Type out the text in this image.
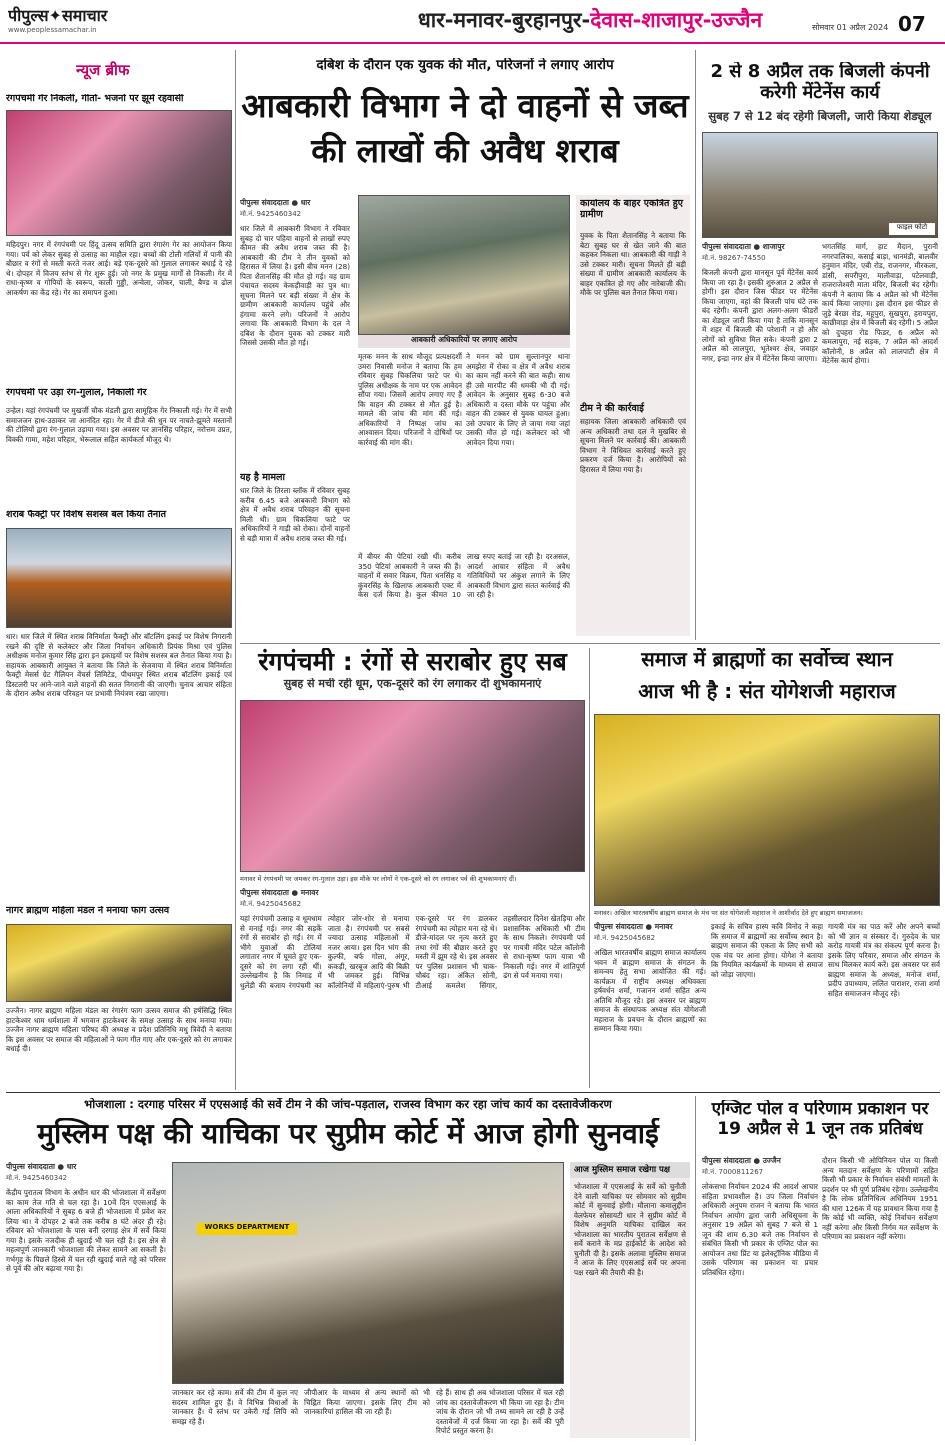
पीपुल्स✦समाचार
www.peoplessamachar.in	धार-मनावर-बुरहानपुर-देवास-शाजापुर-उज्जैन	सोमवार 01 अप्रैल 2024 07
न्यूज ब्रीफ
रंगपंचमी गेर निकली, गीतों- भजनों पर झूमे रहवासी
महिदपुर। नगर में रंगपंचमी पर हिंदू उत्सव समिति द्वारा रंगारंग गेर का आयोजन किया गया। पर्व को लेकर सुबह से उत्साह का माहौल रहा। बच्चों की टोली गलियों में पानी की बौछार व रंगों से मस्ती करते नजर आई। बड़े एक-दूसरे को गुलाल लगाकर बधाई दे रहे थे। दोपहर में विजय स्तंभ से गेर शुरू हुई। जो नगर के प्रमुख मार्गों से निकली। गेर में राधा-कृष्ण व गोपियों के स्वरूप, काली गुड्डी, अन्वेला, जोकर, चाली, बैण्ड व ढोल आकर्षण का केंद्र रहे। गेर का समापन हुआ।
रंगपंचमी पर उड़ा रंग-गुलाल, निकाली गेर
उन्हेल। यहां रंगपंचमी पर मुखर्जी चौक मंडली द्वारा सामूहिक गेर निकाली गई। गेर में सभी समाजजन हाथ-उठाकर जा आनंदित रहा। गेर में डीजे की धुन पर नाचते-झूमते मस्तानों की टोलियों द्वारा रंग-गुलाल उड़ाया गया। इस अवसर पर ज्ञानसिंह परिहार, नरोत्तम उप्रत, विक्की गामा, महेश परिहार, भेरूलाल सहित कार्यकर्ता मौजूद थे।
शराब फैक्ट्री पर विशेष सशस्त्र बल किया तैनात
धार। धार जिले में स्थित शराब विनिर्माता फैक्ट्री और बॉटलिंग इकाई पर विशेष निगरानी रखने की दृष्टि से कलेक्टर और जिला निर्वाचन अधिकारी प्रियंक मिश्रा एवं पुलिस अधीक्षक मनोज कुमार सिंह द्वारा इन इकाइयों पर विशेष सशस्त्र बल तैनात किया गया है। सहायक आबकारी आयुक्त ने बताया कि जिले के सेजवाया में स्थित शराब विनिर्माता फैक्ट्री मेसर्स ग्रेट गैलियन वेंचर्स लिमिटेड, पीथमपुर स्थित शराब बॉटलिंग इकाई एवं डिस्टलरी पर आने-जाने वाले वाहनों की सतत निगरानी की जाएगी। चुनाव आचार संहिता के दौरान अवैध शराब परिवहन पर प्रभावी नियंत्रण रखा जाएगा।
नागर ब्राह्मण महिला मंडल ने मनाया फाग उत्सव
उज्जैन। नागर ब्राह्मण महिला मंडल का रंगारंग फाग उत्सव समाज की हर्षसिद्धि स्थित हाटकेश्वर धाम धर्मशाला में भगवान हाटकेश्वर के समक्ष उत्साह के साथ मनाया गया। उज्जैन नागर ब्राह्मण महिला परिषद की अध्यक्ष व प्रदेश प्रतिनिधि मधु त्रिवेदी ने बताया कि इस अवसर पर समाज की महिलाओं ने फाग गीत गाए और एक-दूसरे को रंग लगाकर बधाई दी।
दबिश के दौरान एक युवक की मौत, परिजनों ने लगाए आरोप
आबकारी विभाग ने दो वाहनों से जब्त की लाखों की अवैध शराब
पीपुल्स संवाददाता ● धार
मो.नं. 9425460342
धार जिले में आबकारी विभाग ने रविवार सुबह दो चार पहिया वाहनों से लाखों रुपए कीमत की अवैध शराब जब्त की है। आबकारी की टीम ने तीन युवकों को हिरासत में लिया है। इसी बीच मनन (28) पिता शैतानसिंह की मौत हो गई। वह ग्राम पंचायत सदस्य केकड़ीवाड़ी का पुत्र था। सूचना मिलने पर बड़ी संख्या में क्षेत्र के ग्रामीण आबकारी कार्यालय पहुंचे और हंगामा करने लगे। परिजनों ने आरोप लगाया कि आबकारी विभाग के दल ने दबिश के दौरान युवक को टक्कर मारी जिससे उसकी मौत हो गई।
यह है मामला
धार जिले के तिरला ब्लॉक में रविवार सुबह करीब 6.45 बजे आबकारी विभाग को क्षेत्र में अवैध शराब परिवहन की सूचना मिली थी। ग्राम चिकलिया फाटे पर अधिकारियों ने गाड़ी को रोका। दोनों वाहनों से बड़ी मात्रा में अवैध शराब जब्त की गई।
आबकारी अधिकारियों पर लगाए आरोप
मृतक मनन के साथ मौजूद प्रत्यक्षदर्शी उमरा निवासी मनोज ने बताया कि हम रविवार सुबह चिकलिया फाटे पर थे। पुलिस अधीक्षक के नाम पर एक आवेदन सौंपा गया। जिसमें आरोप लगाए गए हैं कि वाहन की टक्कर से मौत हुई है। मामले की जांच की मांग की गई। अधिकारियों ने निष्पक्ष जांच का आश्वासन दिया। परिजनों ने दोषियों पर कार्रवाई की मांग की।
ने मनन को ग्राम सुल्तानपुर थाना अमझेरा में रोका व क्षेत्र में अवैध शराब का काम नहीं करने की बात कही। साथ ही उसे मारपीट की धमकी भी दी गई। आवेदन के अनुसार सुबह 6-30 बजे अधिकारी व दस्ता मौके पर पहुंचा और वाहन की टक्कर से युवक घायल हुआ। उसे उपचार के लिए ले जाया गया जहां उसकी मौत हो गई। कलेक्टर को भी आवेदन दिया गया।
में बीयर की पेटियां रखी थीं। करीब 350 पेटियां आबकारी ने जब्त की हैं। वाहनों में सवार विक्रम, पिता धनसिंह व कुंवरसिंह के खिलाफ आबकारी एक्ट में केस दर्ज किया है। कुल कीमत 10 लाख रुपए बताई जा रही है। दरअसल, आदर्श आचार संहिता में अवैध गतिविधियों पर अंकुश लगाने के लिए आबकारी विभाग द्वारा सतत कार्रवाई की जा रही है।
कार्यालय के बाहर एकत्रित हुए ग्रामीण
युवक के पिता शैतानसिंह ने बताया कि बेटा सुबह घर से खेत जाने की बात कहकर निकला था। आबकारी की गाड़ी ने उसे टक्कर मारी। सूचना मिलते ही बड़ी संख्या में ग्रामीण आबकारी कार्यालय के बाहर एकत्रित हो गए और नारेबाजी की। मौके पर पुलिस बल तैनात किया गया।
टीम ने की कार्रवाई
सहायक जिला आबकारी अधिकारी एवं अन्य अधिकारी तथा दल ने मुखबिर से सूचना मिलने पर कार्रवाई की। आबकारी विभाग ने विधिवत कार्रवाई करते हुए प्रकरण दर्ज किया है। आरोपियों को हिरासत में लिया गया है।
2 से 8 अप्रैल तक बिजली कंपनी करेगी मेंटेनेंस कार्य
सुबह 7 से 12 बंद रहेगी बिजली, जारी किया शेड्यूल
फाइल फोटो
पीपुल्स संवाददाता ● शाजापुर
मो.नं. 98267-74550
बिजली कंपनी द्वारा मानसून पूर्व मेंटेनेंस कार्य किया जा रहा है। इसकी शुरुआत 2 अप्रैल से होगी। इस दौरान जिस फीडर पर मेंटेनेंस किया जाएगा, वहां की बिजली पांच घंटे तक बंद रहेगी। कंपनी द्वारा अलग-अलग फीडरों का शेड्यूल जारी किया गया है ताकि मानसून में शहर में बिजली की परेशानी न हो और लोगों को सुविधा मिल सके। कंपनी द्वारा 2 अप्रैल को लालपुरा, भूतेश्वर क्षेत्र, जवाहर नगर, इन्द्रा नगर क्षेत्र में मेंटेनेंस किया जाएगा।
भगतसिंह मार्ग, हाट मैदान, पुरानी नगरपालिका, कसाई बाड़ा, धानमंडी, बालवीर हनुमान मंदिर, एबी रोड, राजनगर, मीरकला, डांसी, सपरीपुरा, मालीवाड़ा, पटेलवाड़ी, राजराजेश्वरी माता मंदिर, बिजली बंद रहेगी। कंपनी ने बताया कि 4 अप्रैल को भी मेंटेनेंस कार्य किया जाएगा। इस दौरान इस फीडर से जुड़े बेरछा रोड, महूपुरा, सुखपुरा, हरायपुरा, काछीवाड़ा क्षेत्र में बिजली बंद रहेगी। 5 अप्रैल को दुपहरा रोड फिडर, 6 अप्रैल को कमलापुरा, नई सड़क, 7 अप्रैल को आदर्श कॉलोनी, 8 अप्रैल को लालपाटी क्षेत्र में मेंटेनेंस कार्य होगा।
रंगपंचमी : रंगों से सराबोर हुए सब
सुबह से मची रही धूम, एक-दूसरे को रंग लगाकर दी शुभकामनाएं
मनावर में रंगपंचमी पर जमकर रंग-गुलाल उड़ा। इस मौके पर लोगों ने एक-दूसरे को रंग लगाकर पर्व की शुभकामनाएं दीं।
पीपुल्स संवाददाता ● मनावर
मो.नं. 9425045682
यहां रंगपंचमी उत्साह व धूमधाम से मनाई गई। नगर की सड़कें रंगों से सराबोर हो गईं। रंग में भीगे युवाओं की टोलियां लगातार नगर में घूमते हुए एक-दूसरे को रंग लगा रही थीं। उल्लेखनीय है कि निमाड़ में धुलेंडी की बजाय रंगपंचमी का त्योहार जोर-शोर से मनाया जाता है। रंगपंचमी पर सबसे ज्यादा उत्साह महिलाओं में नजर आया। इस दिन भांग की कुल्फी, बर्फ गोला, अंगूर, ककड़ी, खरबूज आदि की बिक्री भी जमकर हुई। विभिन्न कॉलोनियों में महिलाएं-पुरुष भी एक-दूसरे पर रंग डालकर रंगपंचमी का त्योहार मना रहे थे। डीजे-मांदल पर नृत्य करते हुए तथा रंगों की बौछार करते हुए मस्ती में झूम रहे थे। इस अवसर पर पुलिस प्रशासन भी चाक-चौबंद रहा। अंकित सोनी, टीआई कमलेश सिंगार, तहसीलदार दिनेश खेतड़िया और प्रशासनिक अधिकारी भी टीम के साथ निकले। रंगपंचमी पर्व पर गायत्री मंदिर पटेल कॉलोनी से राधा-कृष्ण फाग यात्रा भी निकाली गई। नगर में शांतिपूर्ण ढंग से पर्व मनाया गया।
समाज में ब्राह्मणों का सर्वोच्च स्थान
आज भी है : संत योगेशजी महाराज
मनावर। अखिल भारतवर्षीय ब्राह्मण समाज के मंच पर संत योगेशजी महाराज ने आशीर्वाद देते हुए ब्राह्मण समाजजन।
पीपुल्स संवाददाता ● मनावर
मो.नं. 9425045682
अखिल भारतवर्षीय ब्राह्मण समाज कार्यालय भवन में ब्राह्मण समाज के संगठन के समन्वय हेतु सभा आयोजित की गई। कार्यक्रम में राष्ट्रीय अध्यक्ष अधिवक्ता हर्षवर्धन शर्मा, गजानन शर्मा सहित अन्य अतिथि मौजूद रहे। इस अवसर पर ब्राह्मण समाज के संस्थापक अध्यक्ष संत योगेशजी महाराज के प्रवचन के दौरान ब्राह्मणों का सम्मान किया गया।
इकाई के सचिव हास्य कवि विनोद ने कहा कि समाज में ब्राह्मणों का सर्वोच्च स्थान है। ब्राह्मण समाज की एकता के लिए सभी को एक मंच पर आना होगा। योगेश ने बताया कि नियमित कार्यक्रमों के माध्यम से समाज को जोड़ा जाएगा।
गायत्री मंत्र का पाठ करें और अपने बच्चों को भी ज्ञान व संस्कार दें। गुरुदेव के चार करोड़ गायत्री मंत्र का संकल्प पूर्ण करना है। इसके लिए परिवार, समाज और संगठन के साथ मिलकर कार्य करें। इस अवसर पर सर्व ब्राह्मण समाज के अध्यक्ष, मनोज शर्मा, प्रदीप उपाध्याय, ललित पाराशर, राजा शर्मा सहित समाजजन मौजूद रहे।
भोजशाला : दरगाह परिसर में एएसआई की सर्वे टीम ने की जांच-पड़ताल, राजस्व विभाग कर रहा जांच कार्य का दस्तावेजीकरण
मुस्लिम पक्ष की याचिका पर सुप्रीम कोर्ट में आज होगी सुनवाई
पीपुल्स संवाददाता ● धार
मो.नं. 9425460342
केंद्रीय पुरातत्व विभाग के अधीन धार की भोजशाला में सर्वेक्षण का काम तेज गति से चल रहा है। 10वें दिन एएसआई के आला अधिकारियों ने सुबह 6 बजे ही भोजशाला में प्रवेश कर लिया था। वे दोपहर 2 बजे तक करीब 8 घंटे अंदर ही रहे। रविवार को भोजशाला के पास बनी दरगाह क्षेत्र में सर्वे किया गया है। इसके नजदीक ही खुदाई भी चल रही है। इस क्षेत्र से महत्वपूर्ण जानकारी भोजशाला की लेकर सामने आ सकती है। गर्भगृह के पिछले हिस्से में चल रही खुदाई वाले गड्ढे को परिसर से पूर्व की ओर बढ़ाया गया है।
WORKS DEPARTMENT
जानकार कर रहे काम। सर्वे की टीम में कुल नए सदस्य शामिल हुए हैं। वे विभिन्न विधाओं के जानकार हैं। ये स्तंभ पर उकेरी गई लिपि को समझ रहे हैं।
जीपीआर के माध्यम से अन्य स्थानों को भी चिह्नित किया जाएगा। इसके लिए टीम को जानकारियां हासिल की जा रही हैं।
रहे हैं। साथ ही अब भोजशाला परिसर में चल रही जांच का दस्तावेजीकरण भी किया जा रहा है। टीम जांच के दौरान जो भी तथ्य सामने ला रही है उन्हें दस्तावेजों में दर्ज किया जा रहा है। सर्वे की पूरी रिपोर्ट प्रस्तुत करना है।
आज मुस्लिम समाज रखेगा पक्ष
भोजशाला में एएसआई के सर्वे को चुनौती देने वाली याचिका पर सोमवार को सुप्रीम कोर्ट में सुनवाई होगी। मौलाना कमालुद्दीन वेलफेयर सोसायटी धार ने सुप्रीम कोर्ट में विशेष अनुमति याचिका दाखिल कर भोजशाला का भारतीय पुरातत्व सर्वेक्षण से सर्वे कराने के मप्र हाईकोर्ट के आदेश को चुनौती दी है। इसके अलावा मुस्लिम समाज ने आज के लिए एएसआई सर्वे पर अपना पक्ष रखने की तैयारी की है।
एग्जिट पोल व परिणाम प्रकाशन पर 19 अप्रैल से 1 जून तक प्रतिबंध
पीपुल्स संवाददाता ● उज्जैन
मो.नं. 7000811267
लोकसभा निर्वाचन 2024 की आदर्श आचार संहिता प्रभावशील है। उप जिला निर्वाचन अधिकारी अनुपम राजन ने बताया कि भारत निर्वाचन आयोग द्वारा जारी अधिसूचना के अनुसार 19 अप्रैल को सुबह 7 बजे से 1 जून की शाम 6.30 बजे तक निर्वाचन से संबंधित किसी भी प्रकार के एग्जिट पोल का आयोजन तथा प्रिंट या इलेक्ट्रॉनिक मीडिया में उसके परिणाम का प्रकाशन या प्रचार प्रतिबंधित रहेगा।
दौरान किसी भी ओपिनियन पोल या किसी अन्य मतदान सर्वेक्षण के परिणामों सहित किसी भी प्रकार के निर्वाचन संबंधी मामलों के प्रदर्शन पर भी पूर्ण प्रतिबंध रहेगा। उल्लेखनीय है कि लोक प्रतिनिधित्व अधिनियम 1951 की धारा 126क में यह प्रावधान किया गया है कि कोई भी व्यक्ति, कोई निर्वाचन सर्वेक्षण नहीं करेगा और किसी निर्गम मत सर्वेक्षण के परिणाम का प्रकाशन नहीं करेगा।
